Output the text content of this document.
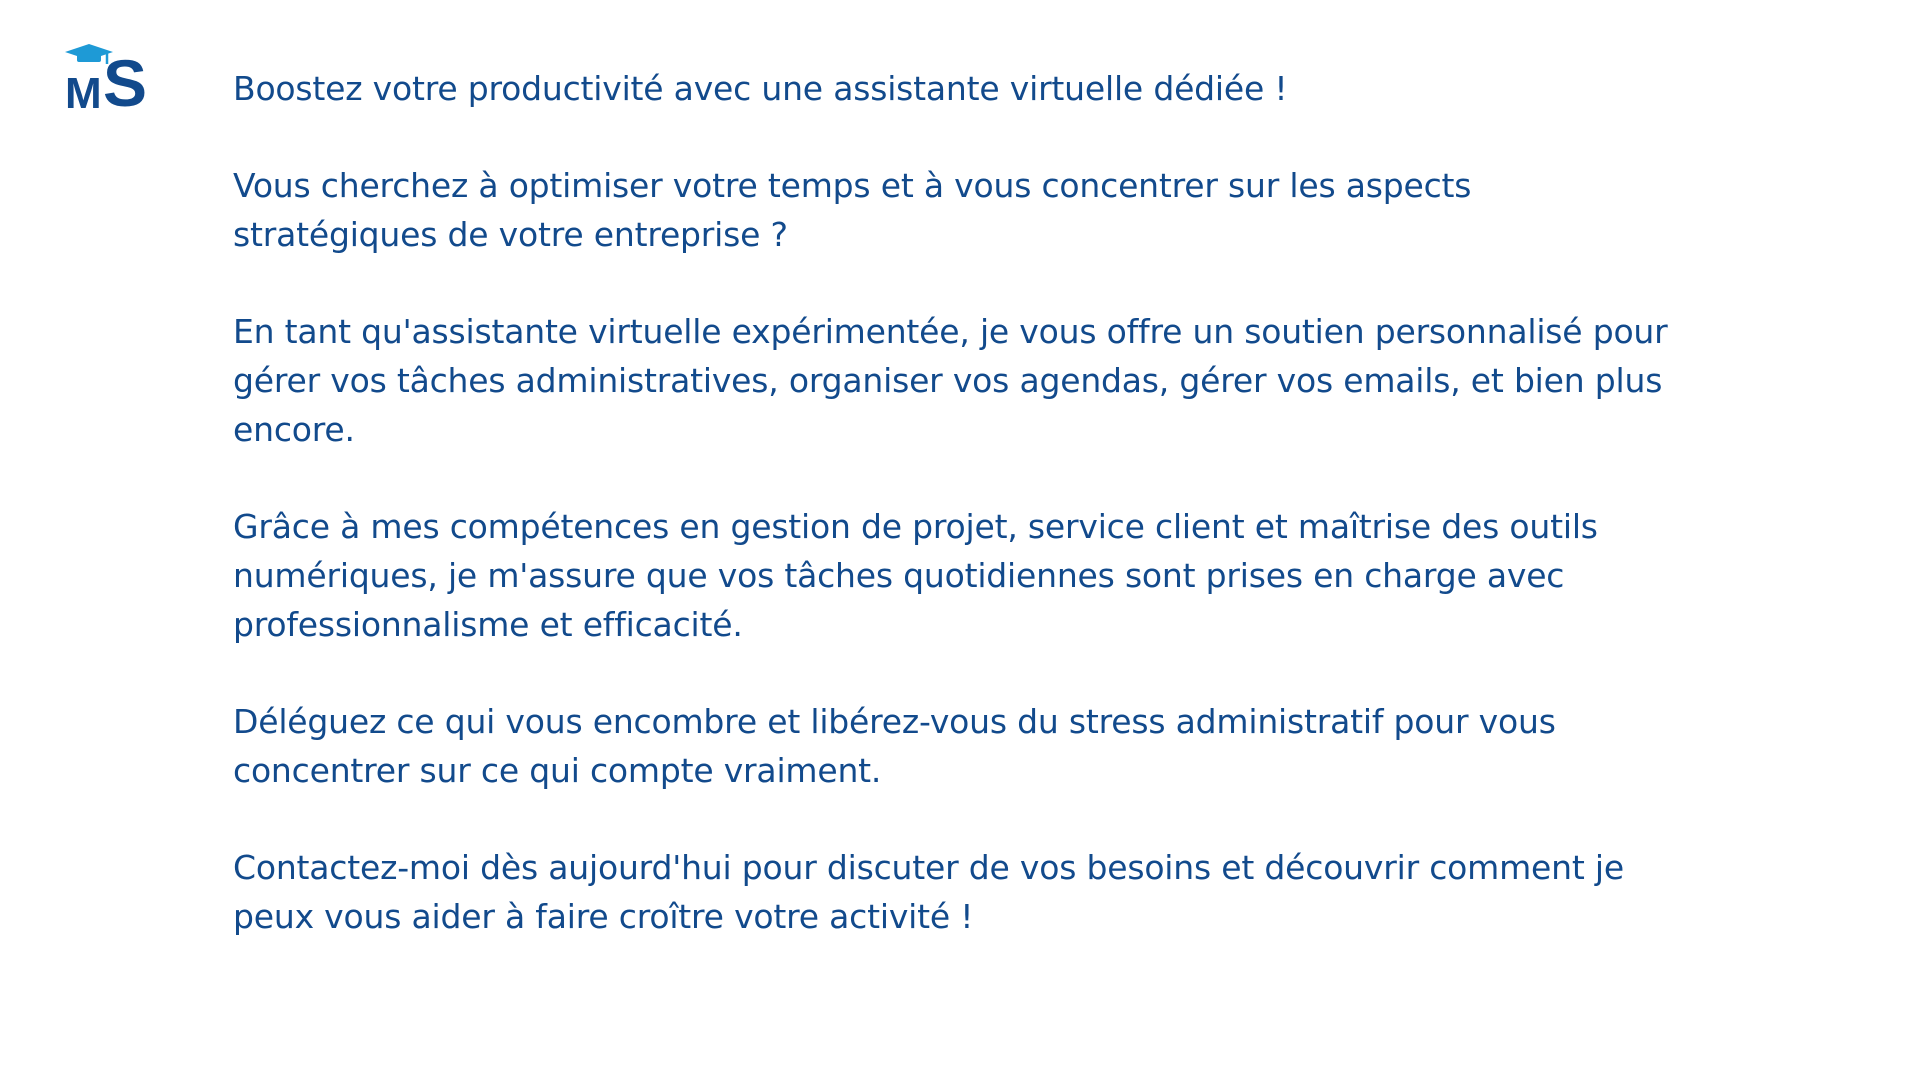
M S	Boostez votre productivité avec une assistante virtuelle dédiée !

Vous cherchez à optimiser votre temps et à vous concentrer sur les aspects
stratégiques de votre entreprise ?

En tant qu'assistante virtuelle expérimentée, je vous offre un soutien personnalisé pour
gérer vos tâches administratives, organiser vos agendas, gérer vos emails, et bien plus
encore.

Grâce à mes compétences en gestion de projet, service client et maîtrise des outils
numériques, je m'assure que vos tâches quotidiennes sont prises en charge avec
professionnalisme et efficacité.

Déléguez ce qui vous encombre et libérez-vous du stress administratif pour vous
concentrer sur ce qui compte vraiment.

Contactez-moi dès aujourd'hui pour discuter de vos besoins et découvrir comment je
peux vous aider à faire croître votre activité !
